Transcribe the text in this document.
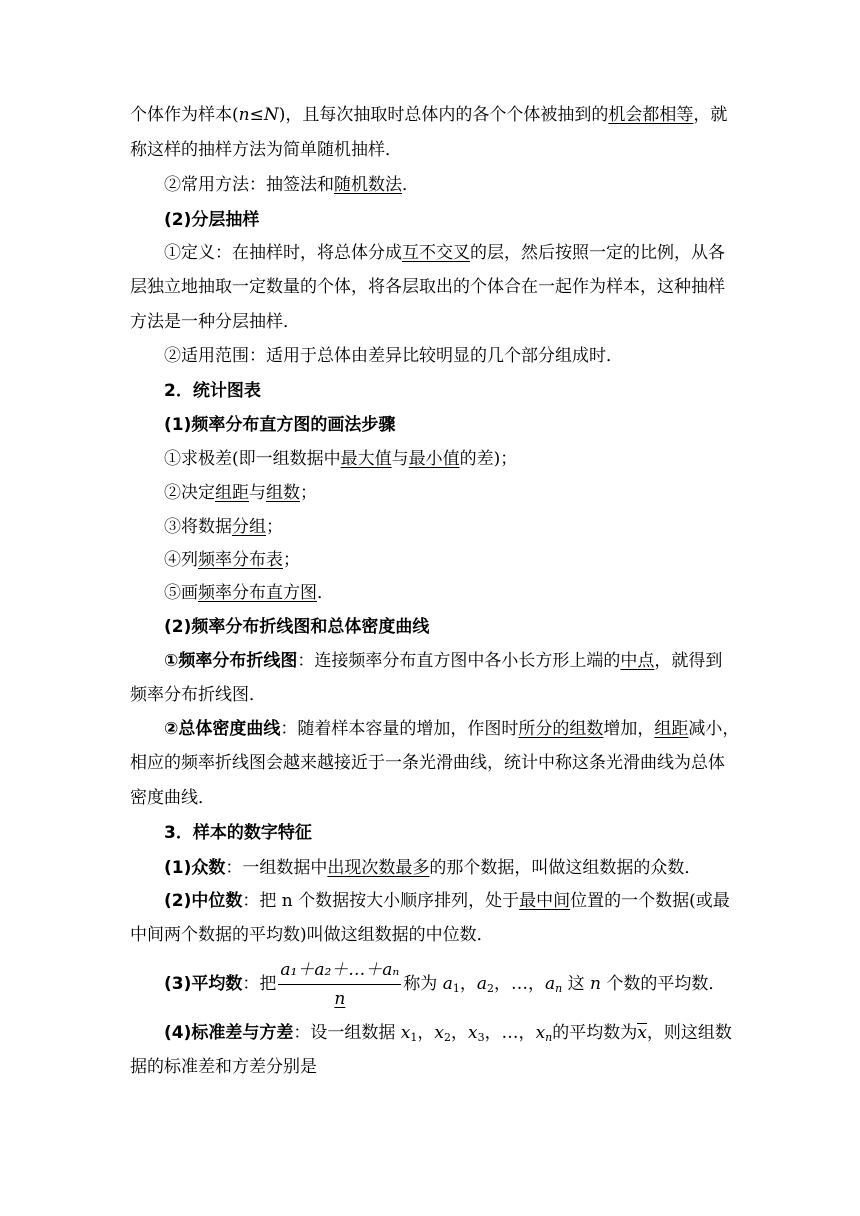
个体作为样本(n≤N)，且每次抽取时总体内的各个个体被抽到的机会都相等，就
称这样的抽样方法为简单随机抽样．
②常用方法：抽签法和随机数法．
(2)分层抽样
①定义：在抽样时，将总体分成互不交叉的层，然后按照一定的比例，从各
层独立地抽取一定数量的个体，将各层取出的个体合在一起作为样本，这种抽样
方法是一种分层抽样．
②适用范围：适用于总体由差异比较明显的几个部分组成时．
2．统计图表
(1)频率分布直方图的画法步骤
①求极差(即一组数据中最大值与最小值的差)；
②决定组距与组数；
③将数据分组；
④列频率分布表；
⑤画频率分布直方图．
(2)频率分布折线图和总体密度曲线
①频率分布折线图：连接频率分布直方图中各小长方形上端的中点，就得到
频率分布折线图．
②总体密度曲线：随着样本容量的增加，作图时所分的组数增加，组距减小，
相应的频率折线图会越来越接近于一条光滑曲线，统计中称这条光滑曲线为总体
密度曲线．
3．样本的数字特征
(1)众数：一组数据中出现次数最多的那个数据，叫做这组数据的众数．
(2)中位数：把 n 个数据按大小顺序排列，处于最中间位置的一个数据(或最
中间两个数据的平均数)叫做这组数据的中位数．
(3)平均数：把 $\frac{\text{a₁＋a₂＋…＋aₙ}}{n}$ 称为 $a_1$，$a_2$，…，$a_n$ 这 n 个数的平均数．
(4)标准差与方差：设一组数据 $x_1$，$x_2$，$x_3$，…，$x_n$的平均数为x，则这组数
据的标准差和方差分别是
